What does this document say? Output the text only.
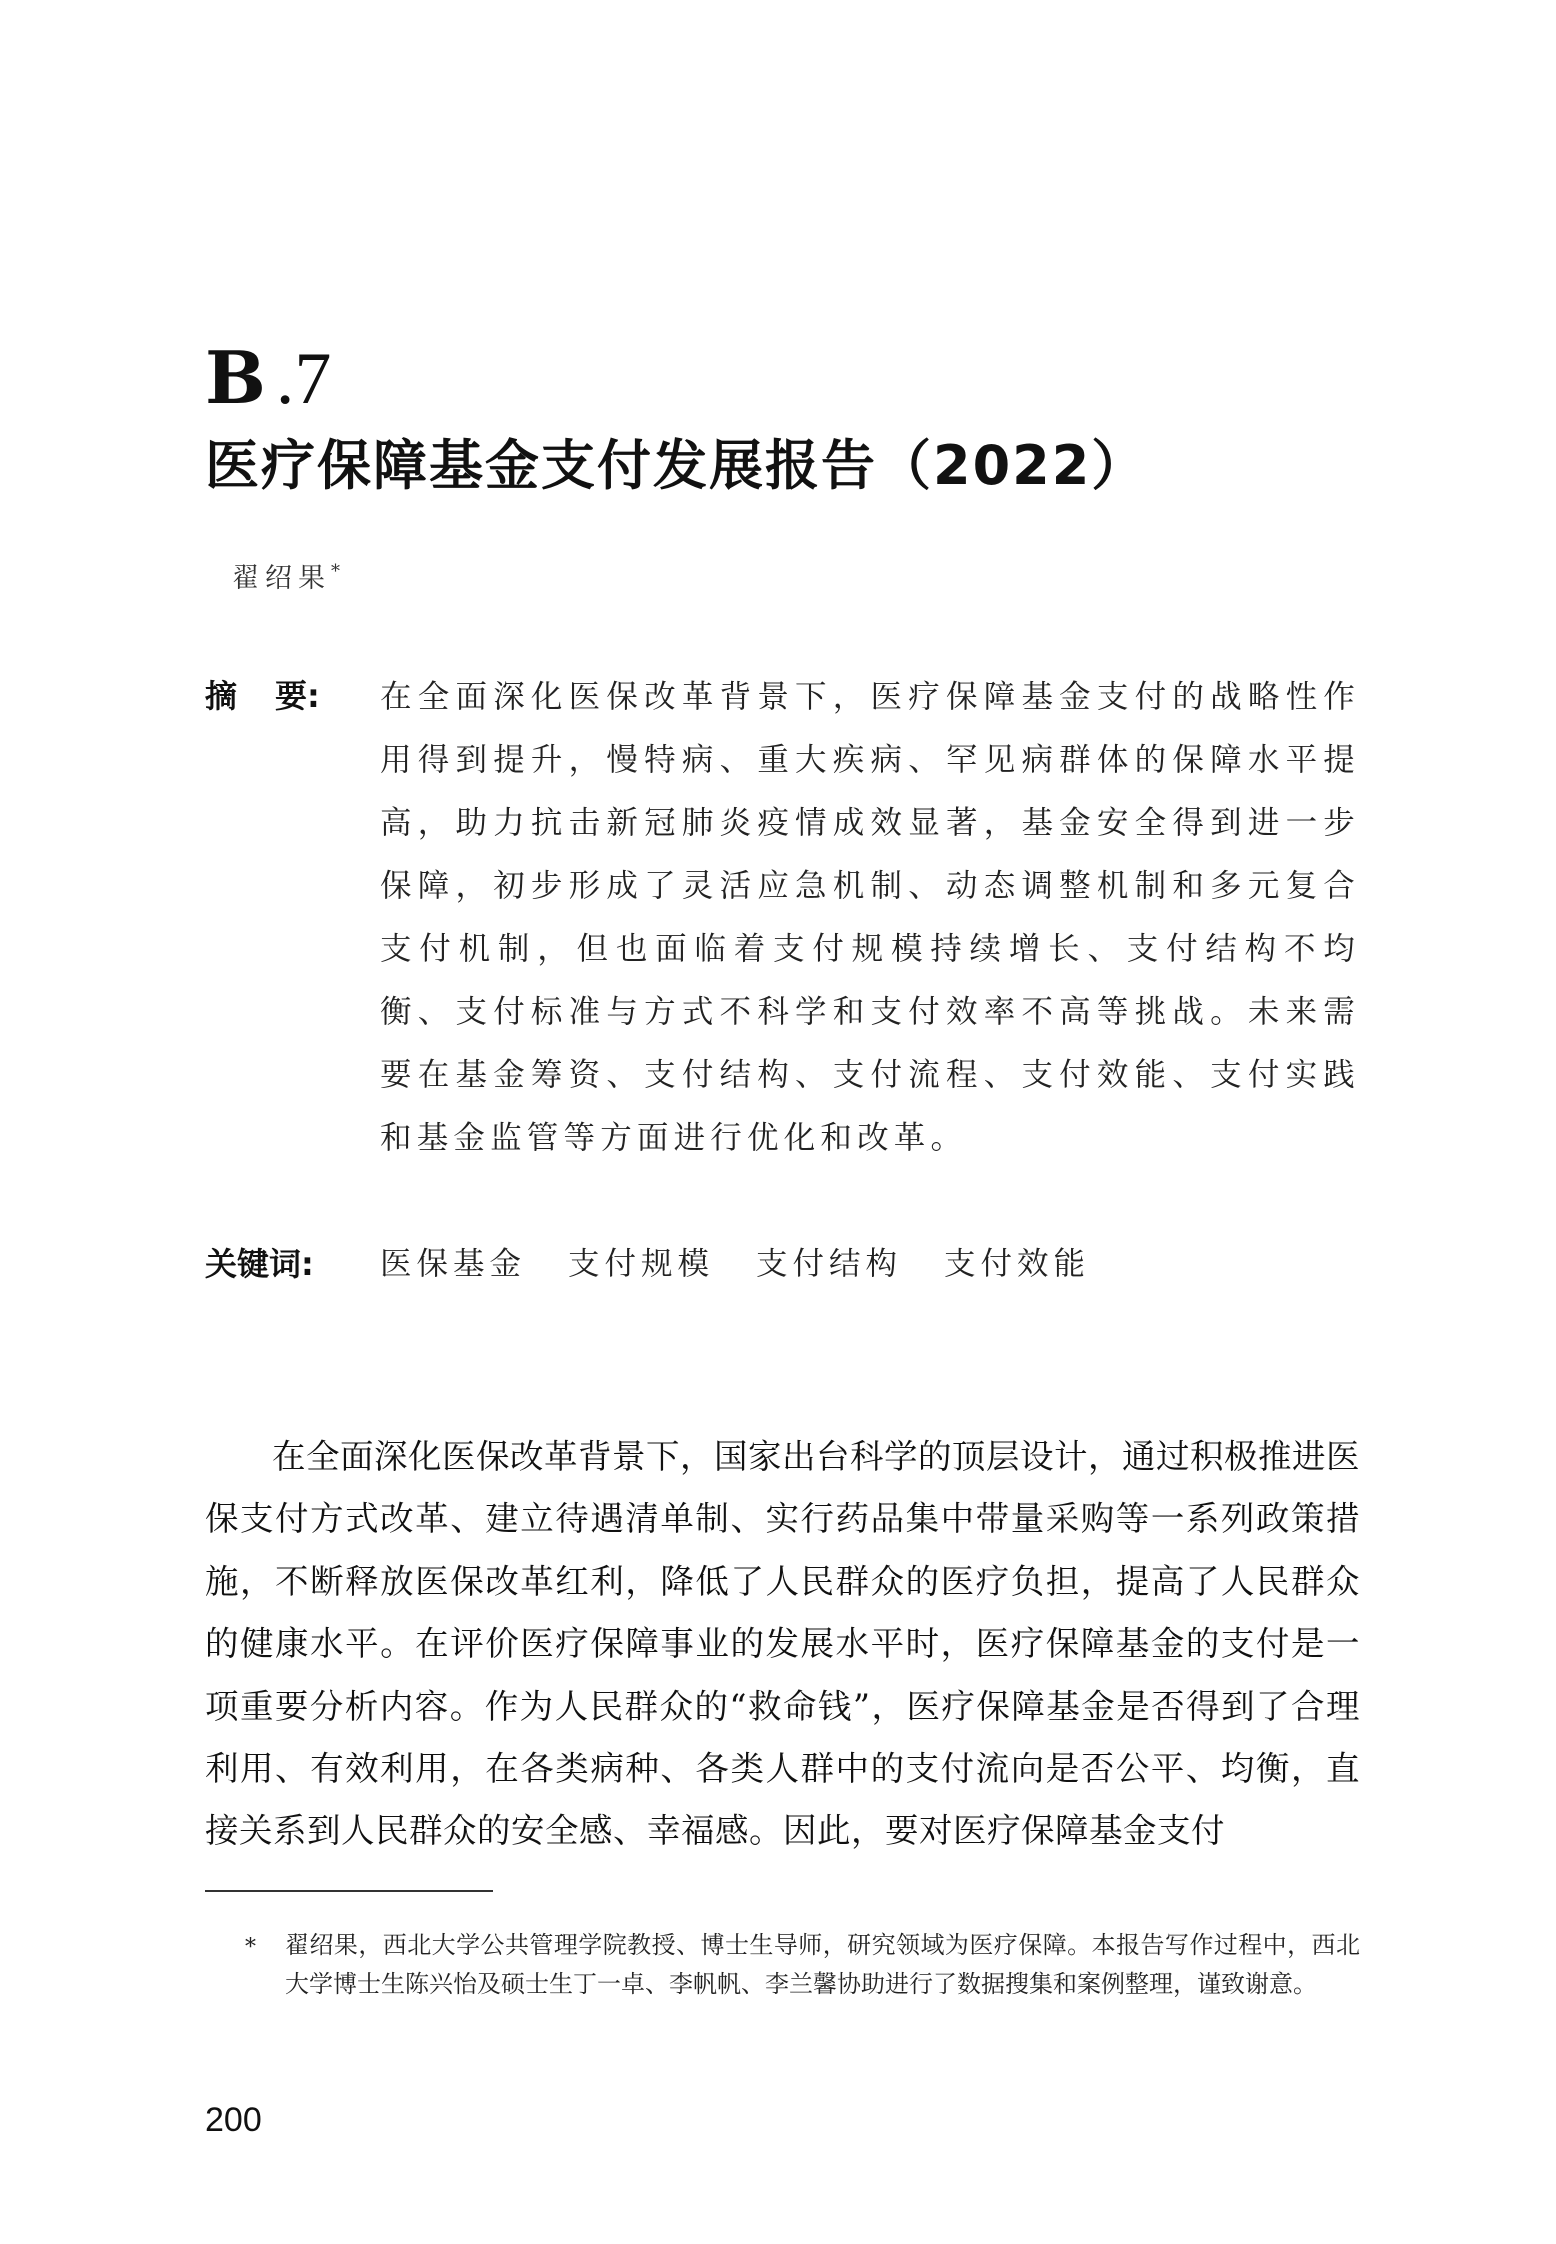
B .7
医疗保障基金支付发展报告（2022）
翟绍果*
摘 要:	在全面深化医保改革背景下，医疗保障基金支付的战略性作用得到提升，慢特病、重大疾病、罕见病群体的保障水平提高，助力抗击新冠肺炎疫情成效显著，基金安全得到进一步保障，初步形成了灵活应急机制、动态调整机制和多元复合支付机制，但也面临着支付规模持续增长、支付结构不均衡、支付标准与方式不科学和支付效率不高等挑战。未来需要在基金筹资、支付结构、支付流程、支付效能、支付实践和基金监管等方面进行优化和改革。
关键词: 医保基金 支付规模 支付结构 支付效能

在全面深化医保改革背景下，国家出台科学的顶层设计，通过积极推进医保支付方式改革、建立待遇清单制、实行药品集中带量采购等一系列政策措施，不断释放医保改革红利，降低了人民群众的医疗负担，提高了人民群众的健康水平。在评价医疗保障事业的发展水平时，医疗保障基金的支付是一项重要分析内容。作为人民群众的“救命钱”，医疗保障基金是否得到了合理利用、有效利用，在各类病种、各类人群中的支付流向是否公平、均衡，直接关系到人民群众的安全感、幸福感。因此，要对医疗保障基金支付

*	翟绍果，西北大学公共管理学院教授、博士生导师，研究领域为医疗保障。本报告写作过程中，西北大学博士生陈兴怡及硕士生丁一卓、李帆帆、李兰馨协助进行了数据搜集和案例整理，谨致谢意。
200
